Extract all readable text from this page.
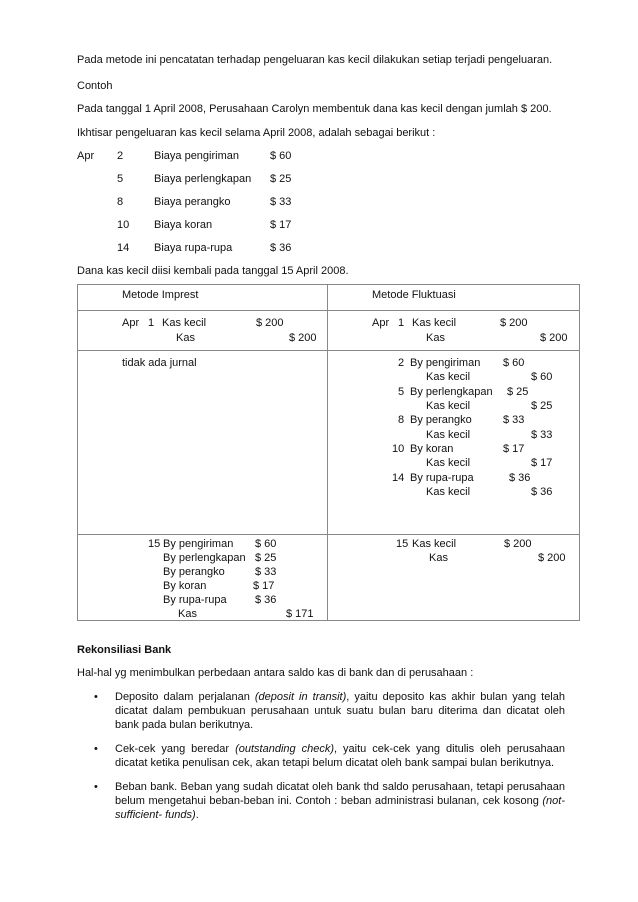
Pada metode ini pencatatan terhadap pengeluaran kas kecil dilakukan setiap terjadi pengeluaran.
Contoh
Pada tanggal 1 April 2008, Perusahaan Carolyn membentuk dana kas kecil dengan jumlah $ 200.
Ikhtisar pengeluaran kas kecil selama April 2008, adalah sebagai berikut :
Apr 2	Biaya pengiriman	$ 60
5	Biaya perlengkapan $ 25
8	Biaya perangko	$ 33
10 Biaya koran	$ 17
14 Biaya rupa-rupa	$ 36
Dana kas kecil diisi kembali pada tanggal 15 April 2008.
Metode Imprest
Apr 1 Kas kecil	$ 200
Kas	$ 200
tidak ada jurnal
15 By pengiriman $ 60
By perlengkapan $ 25
By perangko	$ 33
By koran	$ 17
By rupa-rupa	$ 36
Kas	$ 171
Metode Fluktuasi
Apr 1 Kas kecil	$ 200
Kas	$ 200
2 By pengiriman $ 60
Kas kecil	$ 60
5 By perlengkapan $ 25
Kas kecil	$ 25
8 By perangko	$ 33
Kas kecil	$ 33
10 By koran	$ 17
Kas kecil	$ 17
14 By rupa-rupa	$ 36
Kas kecil	$ 36
15 Kas kecil	$ 200
Kas	$ 200
Rekonsiliasi Bank
Hal-hal yg menimbulkan perbedaan antara saldo kas di bank dan di perusahaan :
• Deposito dalam perjalanan (deposit in transit), yaitu deposito kas akhir bulan yang telah dicatat dalam pembukuan perusahaan untuk suatu bulan baru diterima dan dicatat oleh bank pada bulan berikutnya.
• Cek-cek yang beredar (outstanding check), yaitu cek-cek yang ditulis oleh perusahaan dicatat ketika penulisan cek, akan tetapi belum dicatat oleh bank sampai bulan berikutnya.
• Beban bank. Beban yang sudah dicatat oleh bank thd saldo perusahaan, tetapi perusahaan belum mengetahui beban-beban ini. Contoh : beban administrasi bulanan, cek kosong (not-sufficient- funds).
